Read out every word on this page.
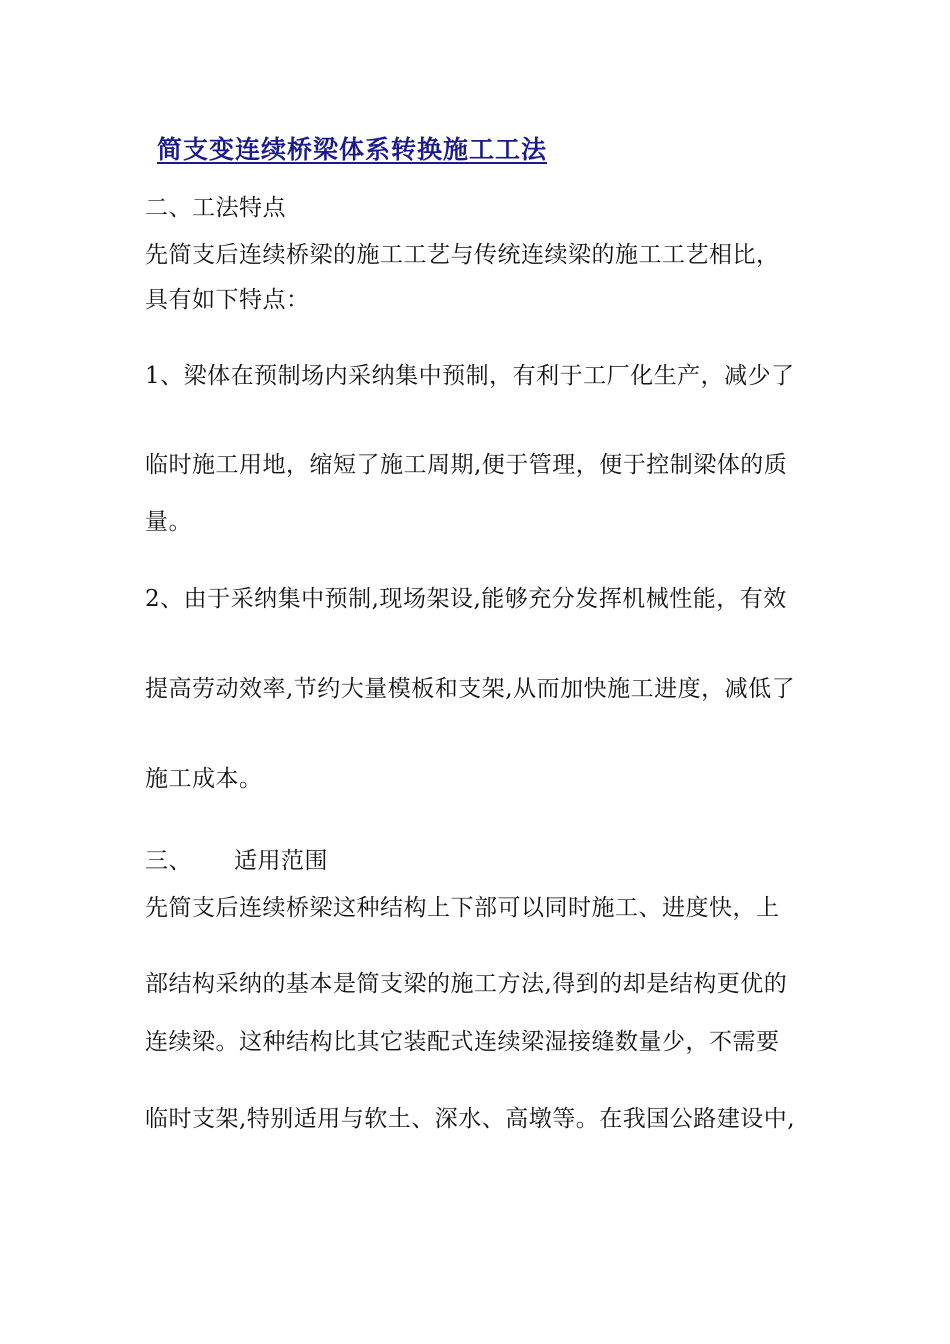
简支变连续桥梁体系转换施工工法
二、工法特点
先简支后连续桥梁的施工工艺与传统连续梁的施工工艺相比，
具有如下特点：
1、梁体在预制场内采纳集中预制，有利于工厂化生产，减少了
临时施工用地，缩短了施工周期,便于管理，便于控制梁体的质
量。
2、由于采纳集中预制,现场架设,能够充分发挥机械性能，有效
提高劳动效率,节约大量模板和支架,从而加快施工进度，减低了
施工成本。
三、 适用范围
先简支后连续桥梁这种结构上下部可以同时施工、进度快，上
部结构采纳的基本是简支梁的施工方法,得到的却是结构更优的
连续梁。这种结构比其它装配式连续梁湿接缝数量少，不需要
临时支架,特别适用与软土、深水、高墩等。在我国公路建设中,
